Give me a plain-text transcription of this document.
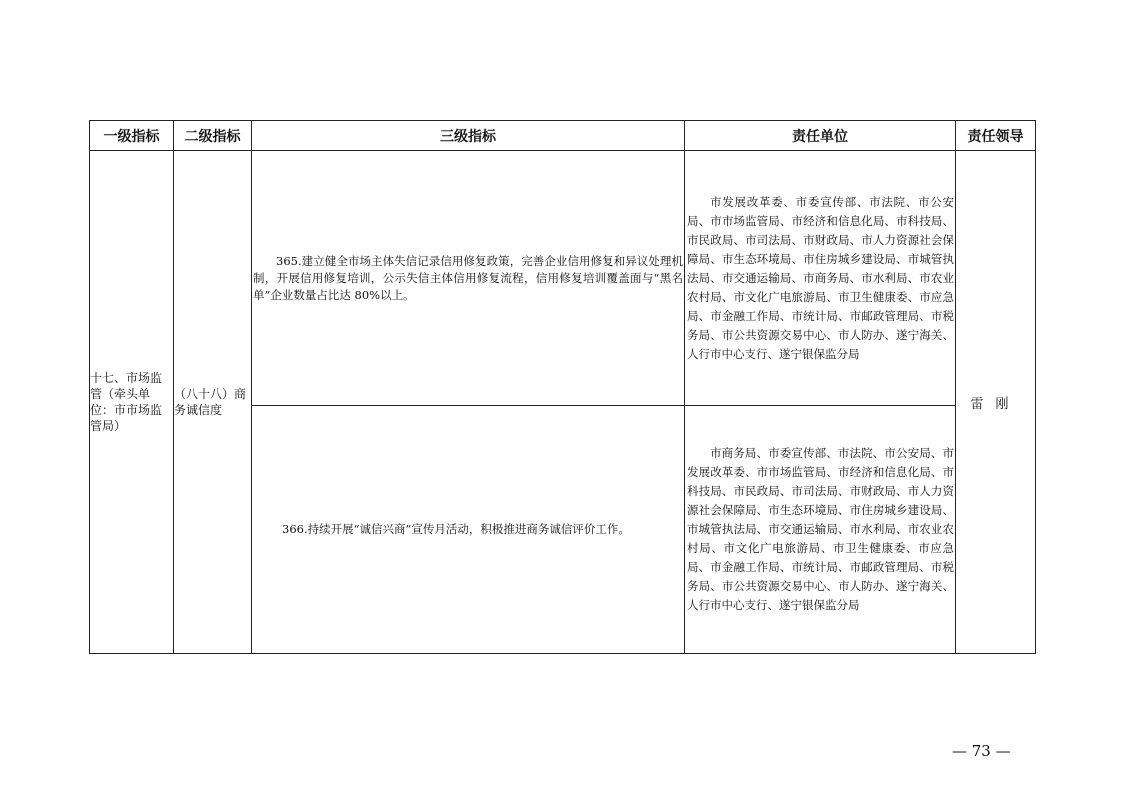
一级指标	二级指标	三级指标	责任单位	责任领导

十七、市场监管（牵头单位：市市场监管局）	（八十八）商务诚信度	365.建立健全市场主体失信记录信用修复政策，完善企业信用修复和异议处理机制，开展信用修复培训，公示失信主体信用修复流程，信用修复培训覆盖面与“黑名单”企业数量占比达 80%以上。	市发展改革委、市委宣传部、市法院、市公安局、市市场监管局、市经济和信息化局、市科技局、市民政局、市司法局、市财政局、市人力资源社会保障局、市生态环境局、市住房城乡建设局、市城管执法局、市交通运输局、市商务局、市水利局、市农业农村局、市文化广电旅游局、市卫生健康委、市应急局、市金融工作局、市统计局、市邮政管理局、市税务局、市公共资源交易中心、市人防办、遂宁海关、人行市中心支行、遂宁银保监分局	雷刚

		366.持续开展“诚信兴商”宣传月活动，积极推进商务诚信评价工作。	市商务局、市委宣传部、市法院、市公安局、市发展改革委、市市场监管局、市经济和信息化局、市科技局、市民政局、市司法局、市财政局、市人力资源社会保障局、市生态环境局、市住房城乡建设局、市城管执法局、市交通运输局、市水利局、市农业农村局、市文化广电旅游局、市卫生健康委、市应急局、市金融工作局、市统计局、市邮政管理局、市税务局、市公共资源交易中心、市人防办、遂宁海关、人行市中心支行、遂宁银保监分局	
— 73 —
